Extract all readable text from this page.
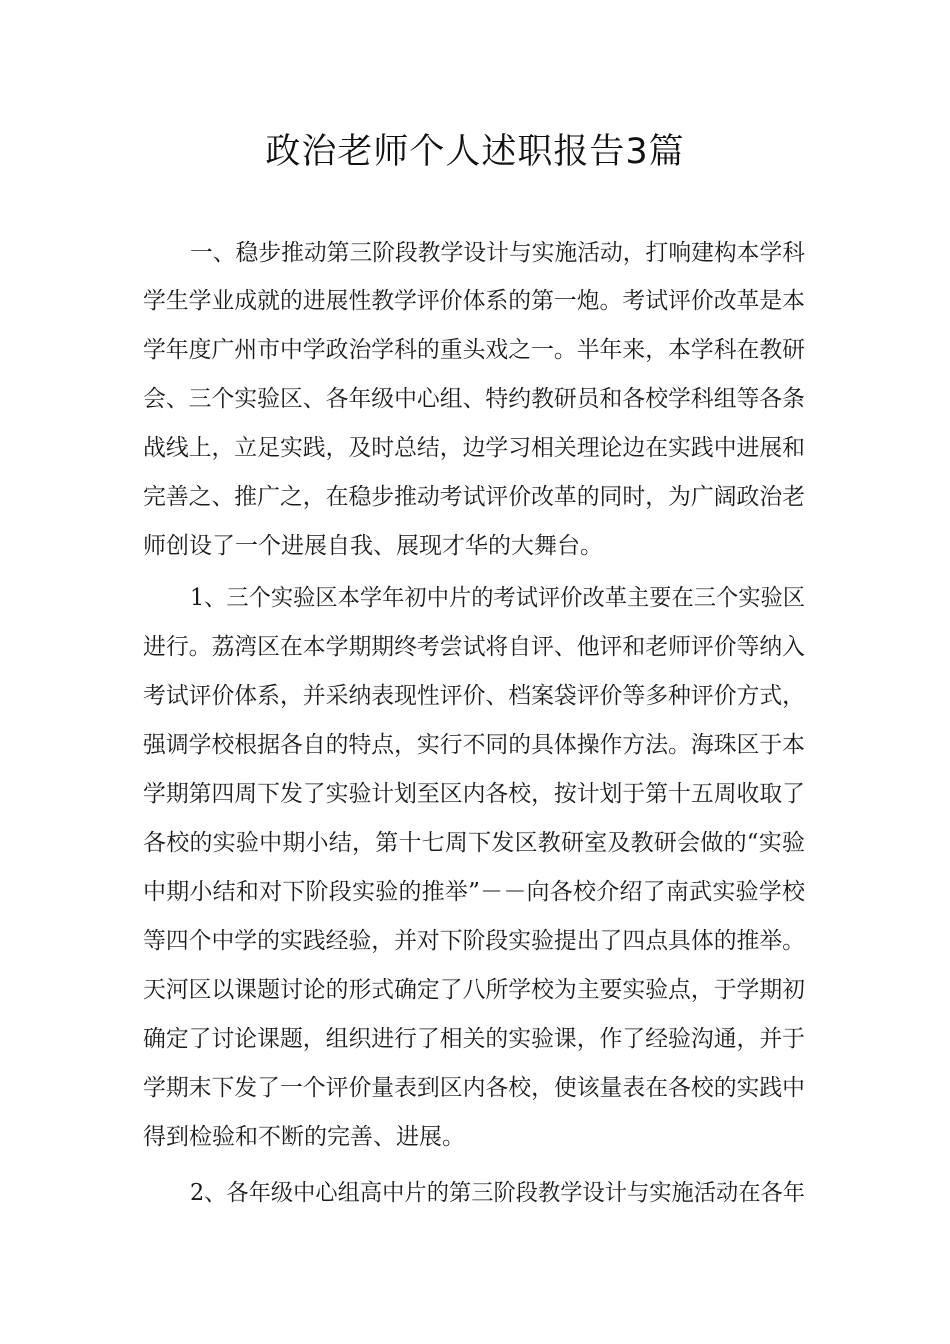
政治老师个人述职报告3篇
一、稳步推动第三阶段教学设计与实施活动，打响建构本学科
学生学业成就的进展性教学评价体系的第一炮。考试评价改革是本
学年度广州市中学政治学科的重头戏之一。半年来，本学科在教研
会、三个实验区、各年级中心组、特约教研员和各校学科组等各条
战线上，立足实践，及时总结，边学习相关理论边在实践中进展和
完善之、推广之，在稳步推动考试评价改革的同时，为广阔政治老
师创设了一个进展自我、展现才华的大舞台。
1、三个实验区本学年初中片的考试评价改革主要在三个实验区
进行。荔湾区在本学期期终考尝试将自评、他评和老师评价等纳入
考试评价体系，并采纳表现性评价、档案袋评价等多种评价方式，
强调学校根据各自的特点，实行不同的具体操作方法。海珠区于本
学期第四周下发了实验计划至区内各校，按计划于第十五周收取了
各校的实验中期小结，第十七周下发区教研室及教研会做的“实验
中期小结和对下阶段实验的推举”－－向各校介绍了南武实验学校
等四个中学的实践经验，并对下阶段实验提出了四点具体的推举。
天河区以课题讨论的形式确定了八所学校为主要实验点，于学期初
确定了讨论课题，组织进行了相关的实验课，作了经验沟通，并于
学期末下发了一个评价量表到区内各校，使该量表在各校的实践中
得到检验和不断的完善、进展。
2、各年级中心组高中片的第三阶段教学设计与实施活动在各年
